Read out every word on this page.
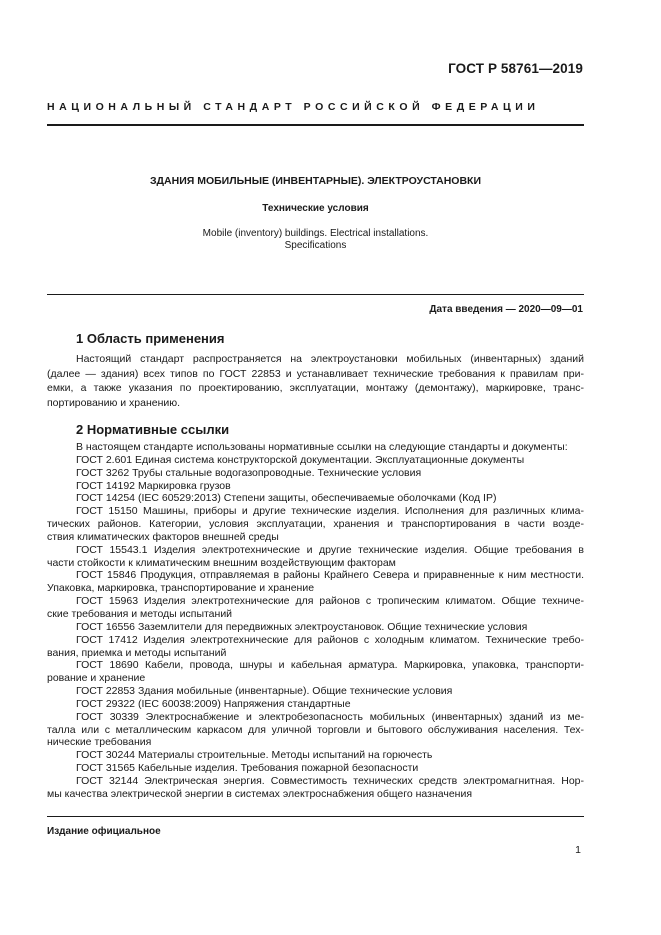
ГОСТ Р 58761—2019
НАЦИОНАЛЬНЫЙ СТАНДАРТ РОССИЙСКОЙ ФЕДЕРАЦИИ
ЗДАНИЯ МОБИЛЬНЫЕ (ИНВЕНТАРНЫЕ). ЭЛЕКТРОУСТАНОВКИ
Технические условия
Mobile (inventory) buildings. Electrical installations.
Specifications
Дата введения — 2020—09—01
1 Область применения
Настоящий стандарт распространяется на электроустановки мобильных (инвентарных) зданий
(далее — здания) всех типов по ГОСТ 22853 и устанавливает технические требования к правилам при-
емки, а также указания по проектированию, эксплуатации, монтажу (демонтажу), маркировке, транс-
портированию и хранению.
2 Нормативные ссылки
В настоящем стандарте использованы нормативные ссылки на следующие стандарты и документы:
ГОСТ 2.601 Единая система конструкторской документации. Эксплуатационные документы
ГОСТ 3262 Трубы стальные водогазопроводные. Технические условия
ГОСТ 14192 Маркировка грузов
ГОСТ 14254 (IEC 60529:2013) Степени защиты, обеспечиваемые оболочками (Код IP)
ГОСТ 15150 Машины, приборы и другие технические изделия. Исполнения для различных клима-
тических районов. Категории, условия эксплуатации, хранения и транспортирования в части возде-
ствия климатических факторов внешней среды
ГОСТ 15543.1 Изделия электротехнические и другие технические изделия. Общие требования в
части стойкости к климатическим внешним воздействующим факторам
ГОСТ 15846 Продукция, отправляемая в районы Крайнего Севера и приравненные к ним местности.
Упаковка, маркировка, транспортирование и хранение
ГОСТ 15963 Изделия электротехнические для районов с тропическим климатом. Общие техниче-
ские требования и методы испытаний
ГОСТ 16556 Заземлители для передвижных электроустановок. Общие технические условия
ГОСТ 17412 Изделия электротехнические для районов с холодным климатом. Технические требо-
вания, приемка и методы испытаний
ГОСТ 18690 Кабели, провода, шнуры и кабельная арматура. Маркировка, упаковка, транспорти-
рование и хранение
ГОСТ 22853 Здания мобильные (инвентарные). Общие технические условия
ГОСТ 29322 (IEC 60038:2009) Напряжения стандартные
ГОСТ 30339 Электроснабжение и электробезопасность мобильных (инвентарных) зданий из ме-
талла или с металлическим каркасом для уличной торговли и бытового обслуживания населения. Тех-
нические требования
ГОСТ 30244 Материалы строительные. Методы испытаний на горючесть
ГОСТ 31565 Кабельные изделия. Требования пожарной безопасности
ГОСТ 32144 Электрическая энергия. Совместимость технических средств электромагнитная. Нор-
мы качества электрической энергии в системах электроснабжения общего назначения
Издание официальное
1
